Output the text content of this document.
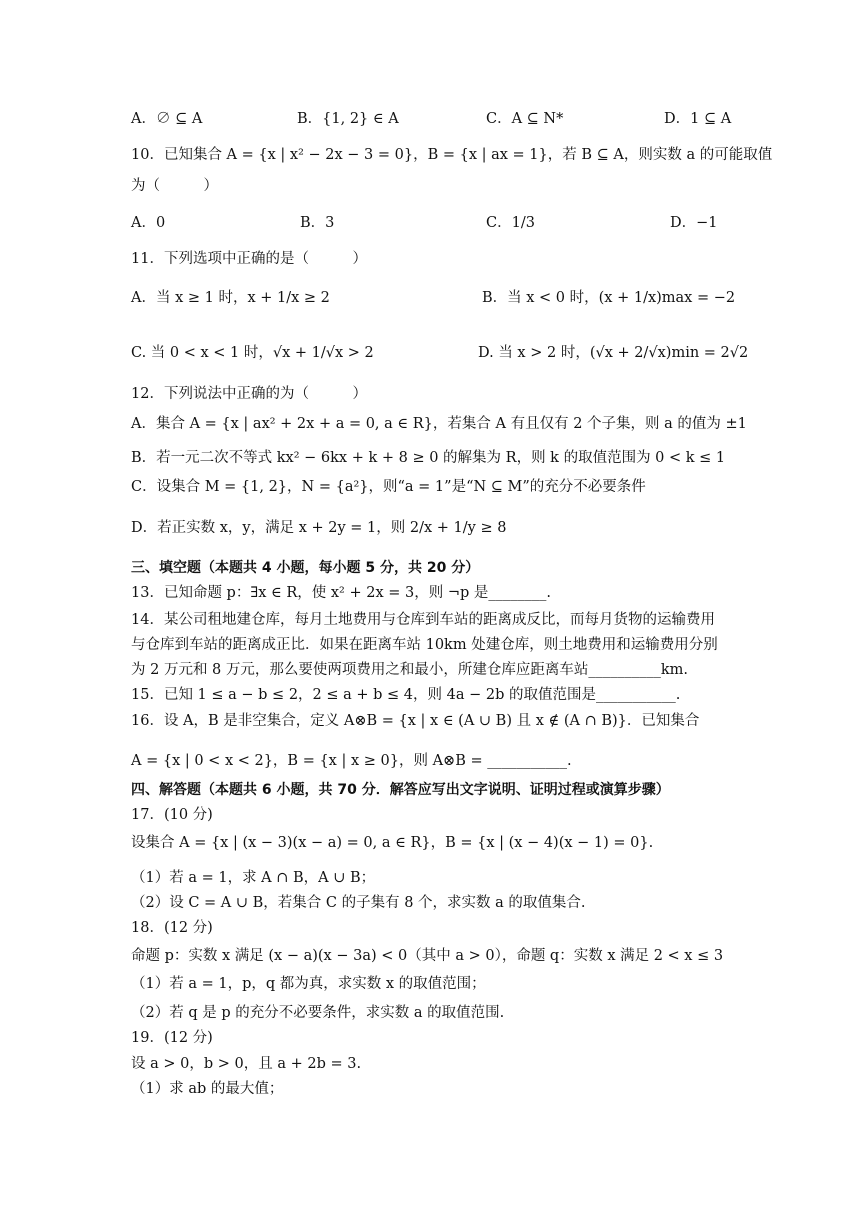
A．∅ ⊆ A	B．{1, 2} ∈ A	C．A ⊆ N*	D．1 ⊆ A
10．已知集合 A = {x | x² − 2x − 3 = 0}，B = {x | ax = 1}，若 B ⊆ A，则实数 a 的可能取值
为（　　　）
A．0	B．3	C．1/3	D．−1
11．下列选项中正确的是（　　　）
A．当 x ≥ 1 时，x + 1/x ≥ 2	B．当 x < 0 时，(x + 1/x)max = −2
C. 当 0 < x < 1 时，√x + 1/√x > 2	D. 当 x > 2 时，(√x + 2/√x)min = 2√2
12．下列说法中正确的为（　　　）
A．集合 A = {x | ax² + 2x + a = 0, a ∈ R}，若集合 A 有且仅有 2 个子集，则 a 的值为 ±1
B．若一元二次不等式 kx² − 6kx + k + 8 ≥ 0 的解集为 R，则 k 的取值范围为 0 < k ≤ 1
C．设集合 M = {1, 2}，N = {a²}，则“a = 1”是“N ⊆ M”的充分不必要条件
D．若正实数 x，y，满足 x + 2y = 1，则 2/x + 1/y ≥ 8
三、填空题（本题共 4 小题，每小题 5 分，共 20 分）
13．已知命题 p：∃x ∈ R，使 x² + 2x = 3，则 ¬p 是________.
14．某公司租地建仓库，每月土地费用与仓库到车站的距离成反比，而每月货物的运输费用
与仓库到车站的距离成正比．如果在距离车站 10km 处建仓库，则土地费用和运输费用分别
为 2 万元和 8 万元，那么要使两项费用之和最小，所建仓库应距离车站__________km.
15．已知 1 ≤ a − b ≤ 2，2 ≤ a + b ≤ 4，则 4a − 2b 的取值范围是___________.
16．设 A，B 是非空集合，定义 A⊗B = {x | x ∈ (A ∪ B) 且 x ∉ (A ∩ B)}．已知集合
A = {x | 0 < x < 2}，B = {x | x ≥ 0}，则 A⊗B = ___________.
四、解答题（本题共 6 小题，共 70 分．解答应写出文字说明、证明过程或演算步骤）
17．(10 分)
设集合 A = {x | (x − 3)(x − a) = 0, a ∈ R}，B = {x | (x − 4)(x − 1) = 0}.
（1）若 a = 1，求 A ∩ B，A ∪ B；
（2）设 C = A ∪ B，若集合 C 的子集有 8 个，求实数 a 的取值集合.
18．(12 分)
命题 p：实数 x 满足 (x − a)(x − 3a) < 0（其中 a > 0），命题 q：实数 x 满足 2 < x ≤ 3
（1）若 a = 1，p，q 都为真，求实数 x 的取值范围；
（2）若 q 是 p 的充分不必要条件，求实数 a 的取值范围.
19．(12 分)
设 a > 0，b > 0，且 a + 2b = 3.
（1）求 ab 的最大值；
